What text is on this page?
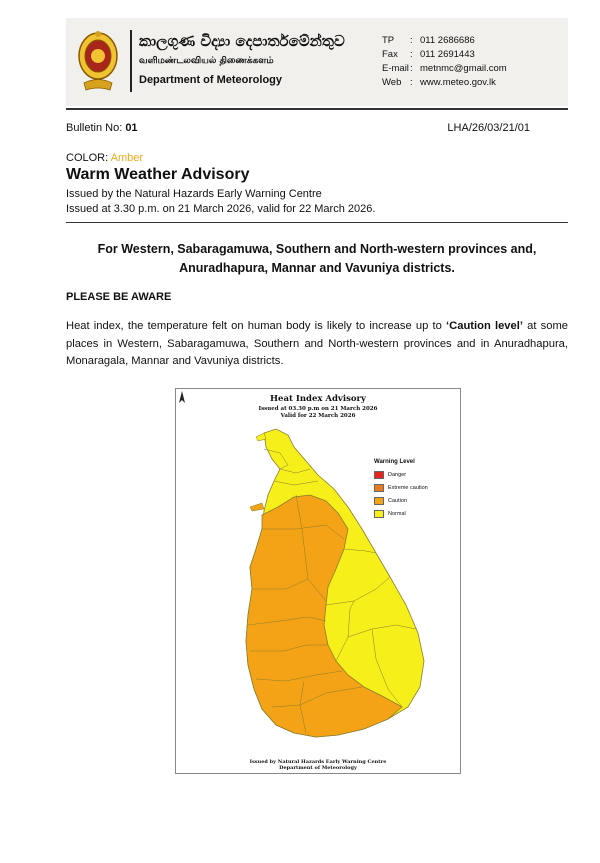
කාලගුණ විද්‍යා දෙපාර්තමේන්තුව
வளிமண்டலவியல் திணைக்களம்
Department of Meteorology
TP	: 011 2686686
Fax	: 011 2691443
E-mail : metnmc@gmail.com
Web : www.meteo.gov.lk
Bulletin No: 01	LHA/26/03/21/01
COLOR: Amber
Warm Weather Advisory
Issued by the Natural Hazards Early Warning Centre
Issued at 3.30 p.m. on 21 March 2026, valid for 22 March 2026.
For Western, Sabaragamuwa, Southern and North-western provinces and,
Anuradhapura, Mannar and Vavuniya districts.
PLEASE BE AWARE
Heat index, the temperature felt on human body is likely to increase up to ‘Caution level’ at some places in Western, Sabaragamuwa, Southern and North-western provinces and in Anuradhapura, Monaragala, Mannar and Vavuniya districts.
Heat Index Advisory
Issued at 03.30 p.m on 21 March 2026
Valid for 22 March 2026
Warning Level
Danger
Extreme caution
Caution
Normal
Issued by Natural Hazards Early Warning Centre
Department of Meteorology
